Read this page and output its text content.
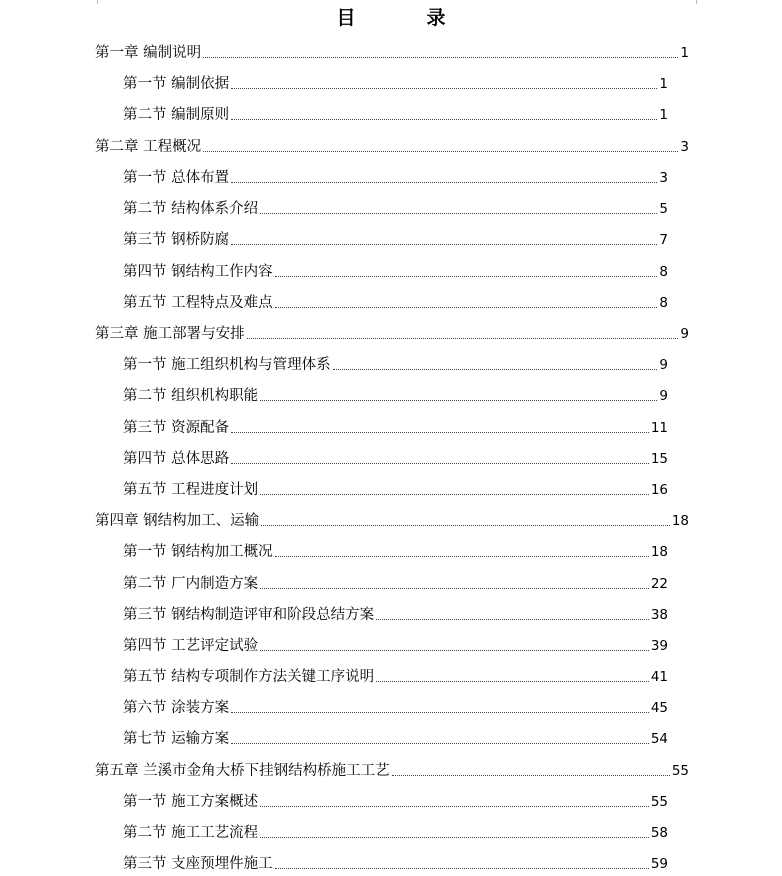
目　录
第一章 编制说明	1
第一节 编制依据	1
第二节 编制原则	1
第二章 工程概况	3
第一节 总体布置	3
第二节 结构体系介绍	5
第三节 钢桥防腐	7
第四节 钢结构工作内容	8
第五节 工程特点及难点	8
第三章 施工部署与安排	9
第一节 施工组织机构与管理体系	9
第二节 组织机构职能	9
第三节 资源配备	11
第四节 总体思路	15
第五节 工程进度计划	16
第四章 钢结构加工、运输	18
第一节 钢结构加工概况	18
第二节 厂内制造方案	22
第三节 钢结构制造评审和阶段总结方案	38
第四节 工艺评定试验	39
第五节 结构专项制作方法关键工序说明	41
第六节 涂装方案	45
第七节 运输方案	54
第五章 兰溪市金角大桥下挂钢结构桥施工工艺	55
第一节 施工方案概述	55
第二节 施工工艺流程	58
第三节 支座预埋件施工	59
